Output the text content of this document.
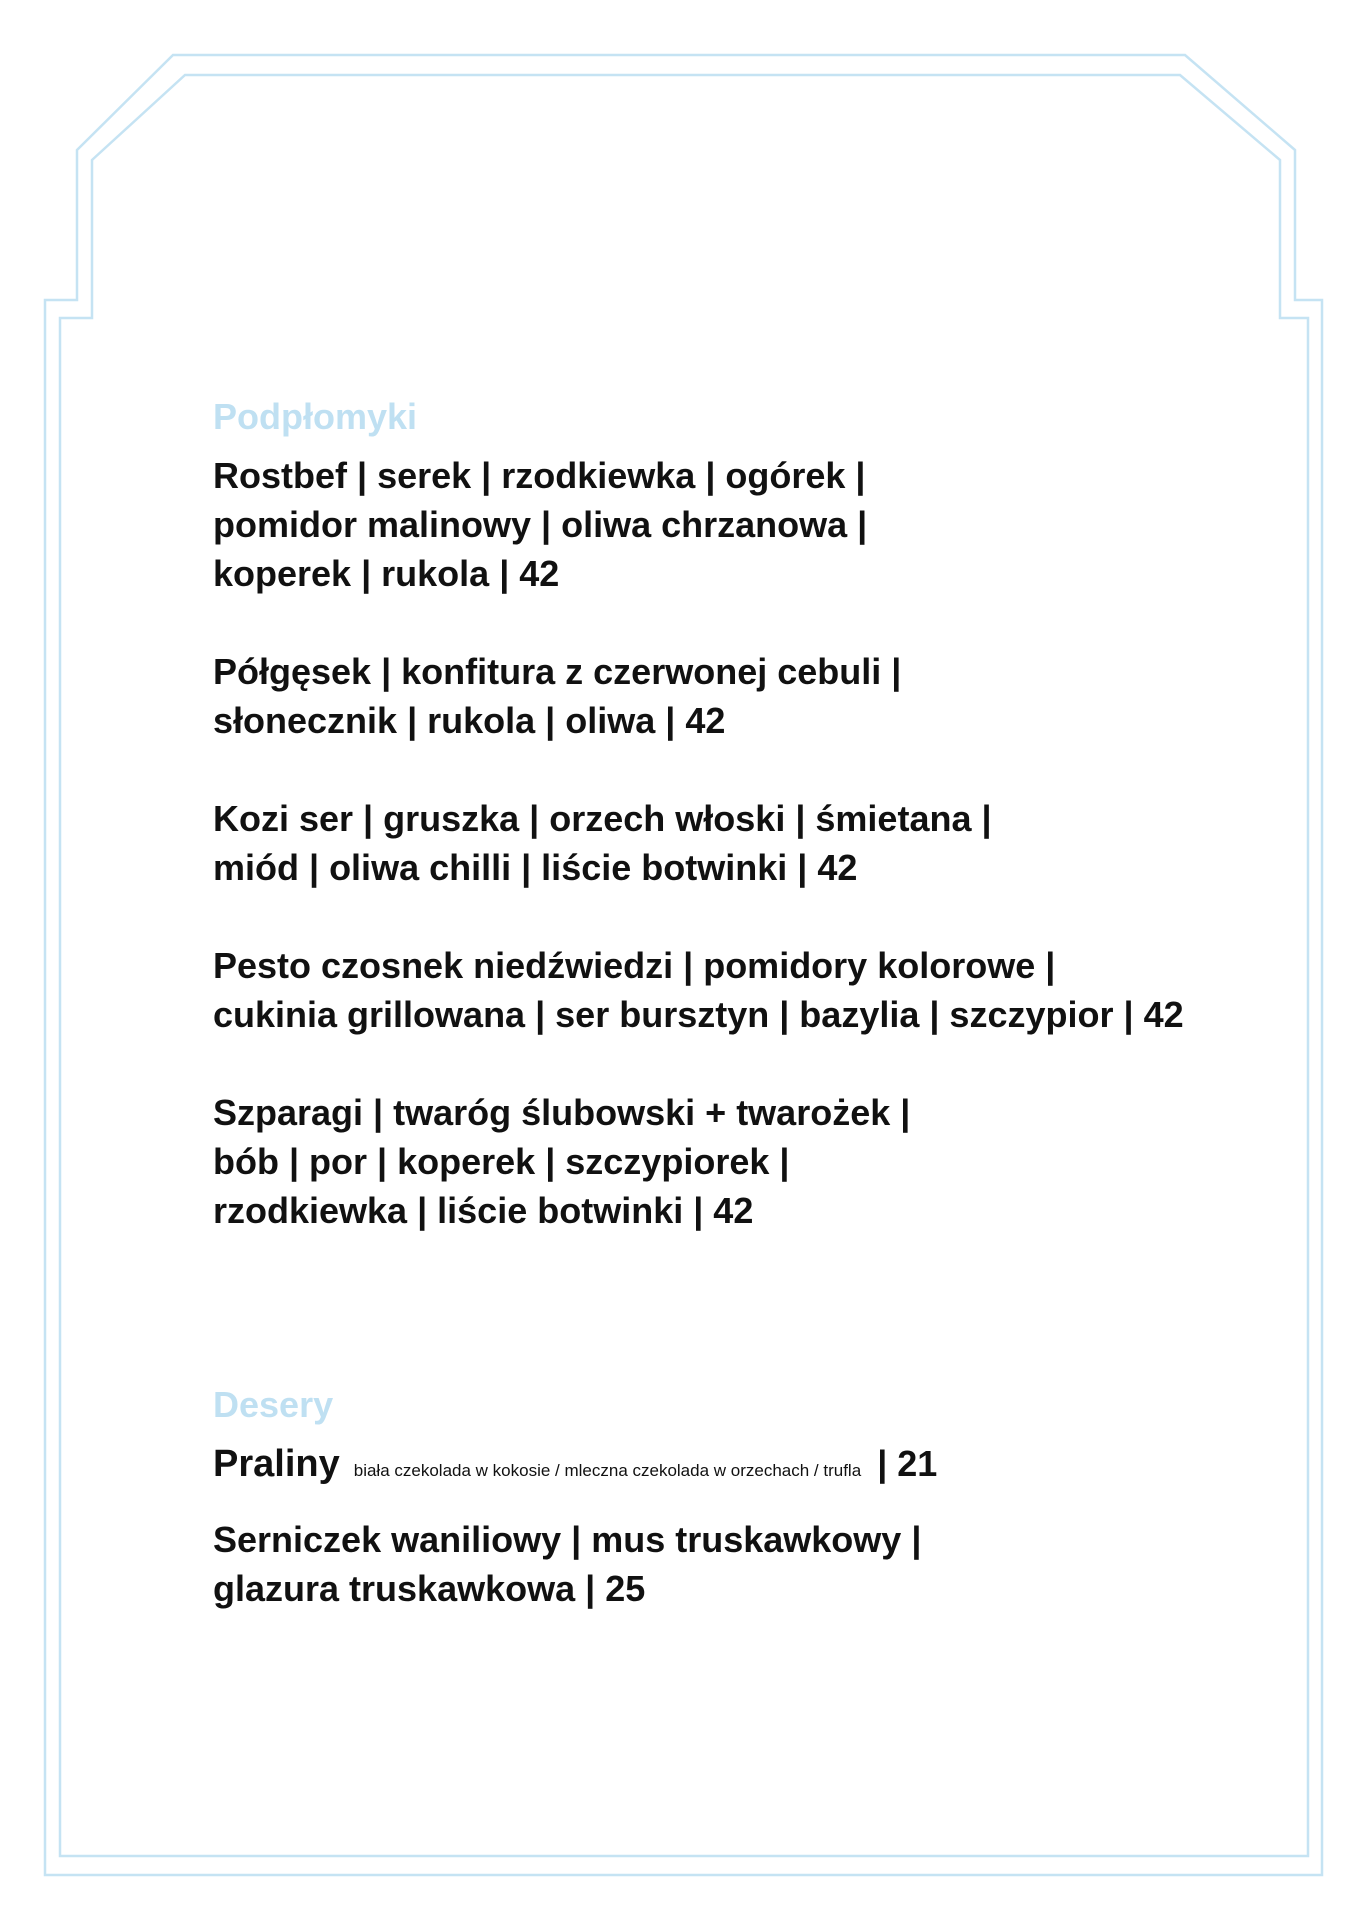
Podpłomyki
Rostbef | serek | rzodkiewka | ogórek |
pomidor malinowy | oliwa chrzanowa |
koperek | rukola | 42
Półgęsek | konfitura z czerwonej cebuli |
słonecznik | rukola | oliwa | 42
Kozi ser | gruszka | orzech włoski | śmietana |
miód | oliwa chilli | liście botwinki | 42
Pesto czosnek niedźwiedzi | pomidory kolorowe |
cukinia grillowana | ser bursztyn | bazylia | szczypior | 42
Szparagi | twaróg ślubowski + twarożek |
bób | por | koperek | szczypiorek |
rzodkiewka | liście botwinki | 42
Desery
Praliny biała czekolada w kokosie / mleczna czekolada w orzechach / trufla | 21
Serniczek waniliowy | mus truskawkowy |
glazura truskawkowa | 25
